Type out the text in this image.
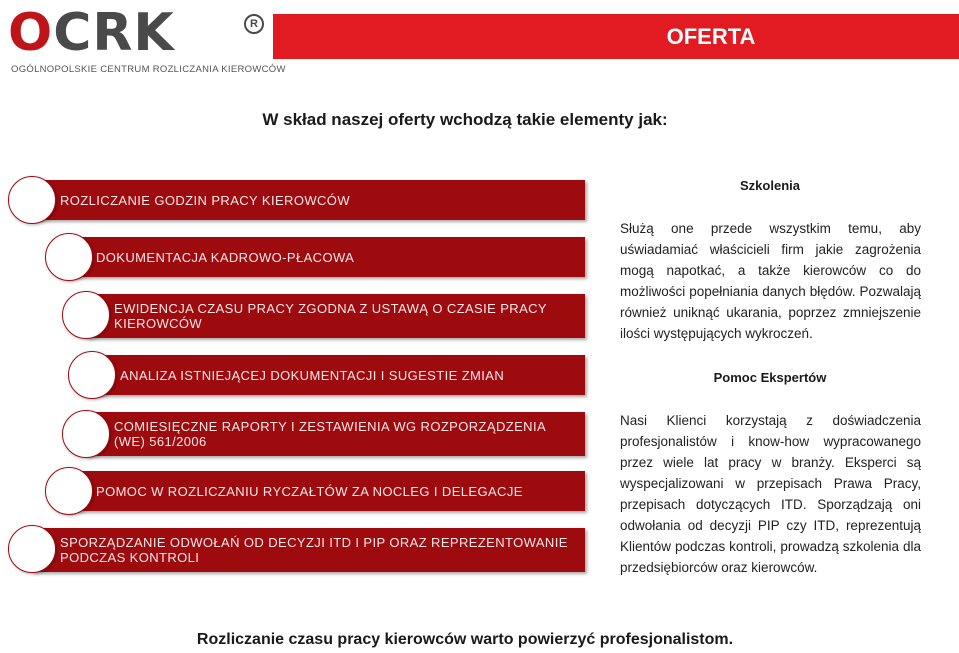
OCRK	R
OGÓLNOPOLSKIE CENTRUM ROZLICZANIA KIEROWCÓW
OFERTA
W skład naszej oferty wchodzą takie elementy jak:
ROZLICZANIE GODZIN PRACY KIEROWCÓW
DOKUMENTACJA KADROWO-PŁACOWA
EWIDENCJA CZASU PRACY ZGODNA Z USTAWĄ O CZASIE PRACY KIEROWCÓW
ANALIZA ISTNIEJĄCEJ DOKUMENTACJI I SUGESTIE ZMIAN
COMIESIĘCZNE RAPORTY I ZESTAWIENIA WG ROZPORZĄDZENIA (WE) 561/2006
POMOC W ROZLICZANIU RYCZAŁTÓW ZA NOCLEG I DELEGACJE
SPORZĄDZANIE ODWOŁAŃ OD DECYZJI ITD I PIP ORAZ REPREZENTOWANIE PODCZAS KONTROLI
Szkolenia
Służą one przede wszystkim temu, aby uświadamiać właścicieli firm jakie zagrożenia mogą napotkać, a także kierowców co do możliwości popełniania danych błędów. Pozwalają również uniknąć ukarania, poprzez zmniejszenie ilości występujących wykroczeń.
Pomoc Ekspertów
Nasi Klienci korzystają z doświadczenia profesjonalistów i know-how wypracowanego przez wiele lat pracy w branży. Eksperci są wyspecjalizowani w przepisach Prawa Pracy, przepisach dotyczących ITD. Sporządzają oni odwołania od decyzji PIP czy ITD, reprezentują Klientów podczas kontroli, prowadzą szkolenia dla przedsiębiorców oraz kierowców.
Rozliczanie czasu pracy kierowców warto powierzyć profesjonalistom.
